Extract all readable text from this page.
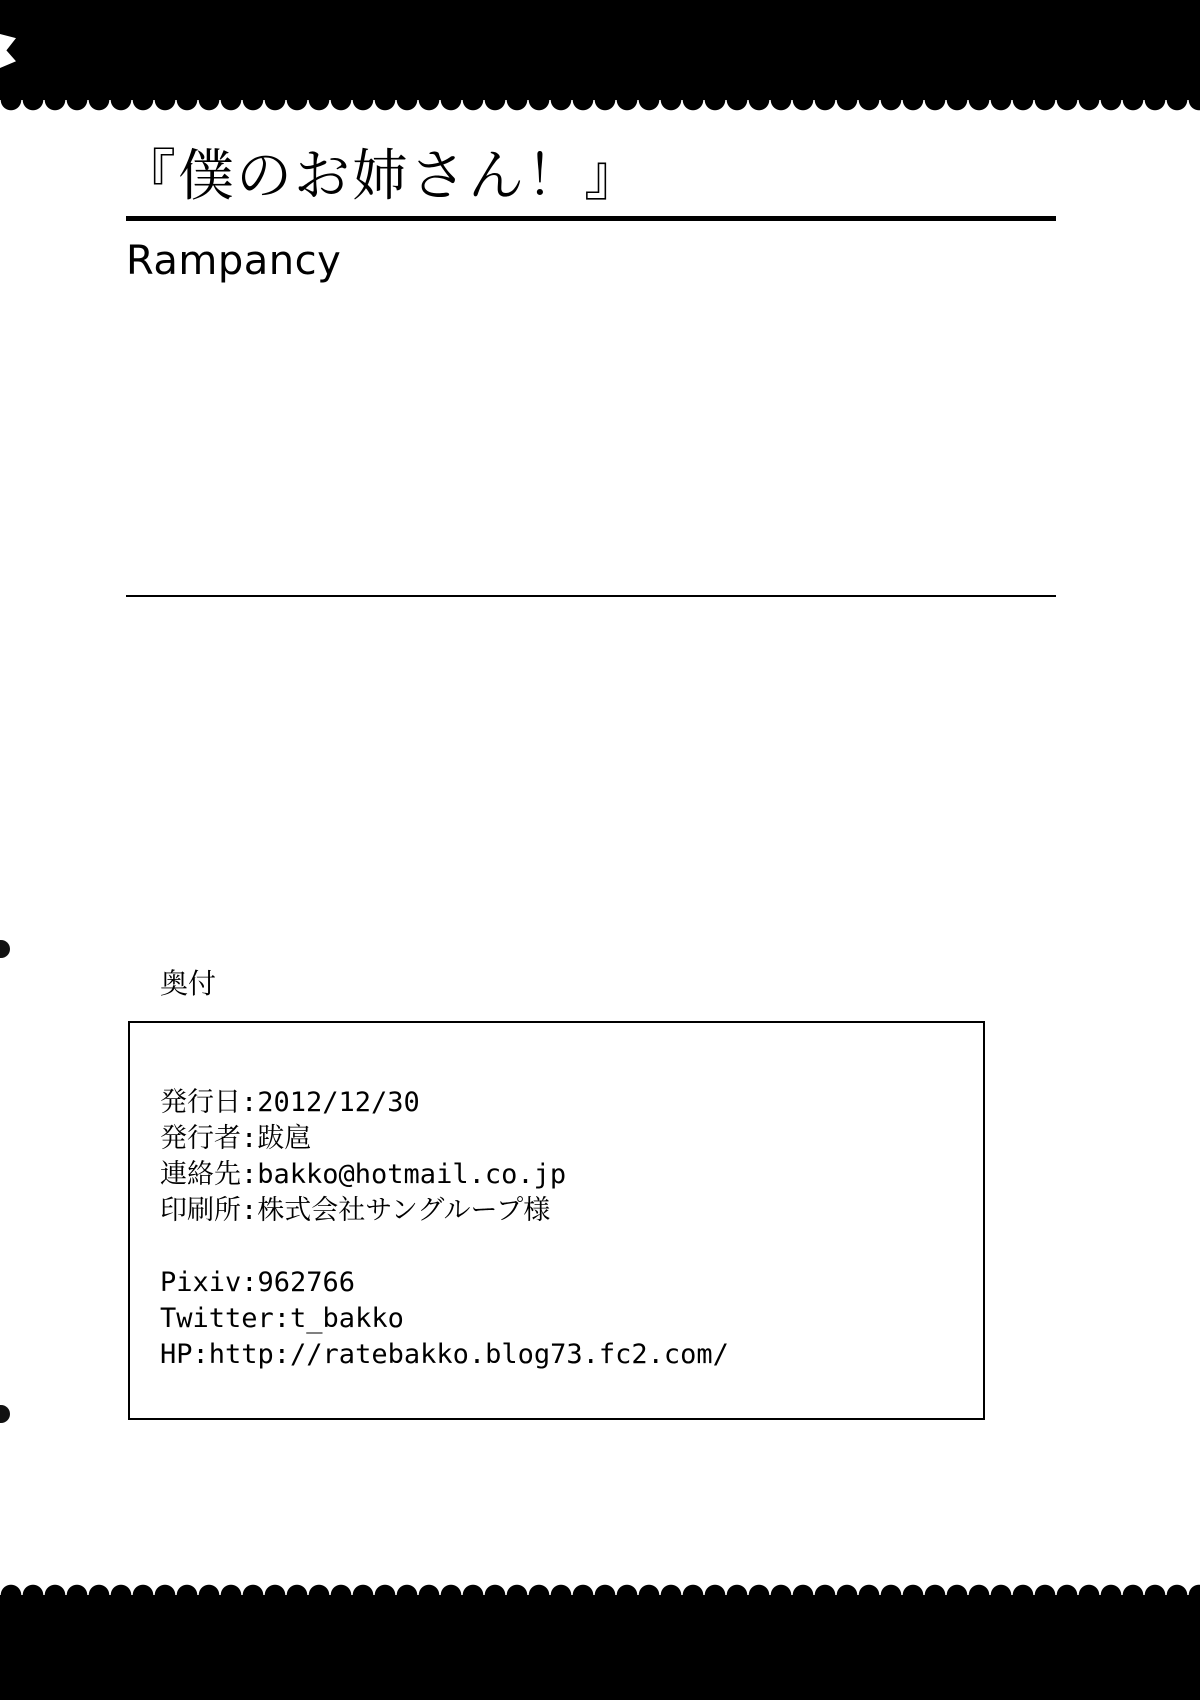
『僕のお姉さん！』
Rampancy
奥付
発行日:2012/12/30
発行者:跋扈
連絡先:bakko@hotmail.co.jp
印刷所:株式会社サングループ様
Pixiv:962766
Twitter:t_bakko
HP:http://ratebakko.blog73.fc2.com/
